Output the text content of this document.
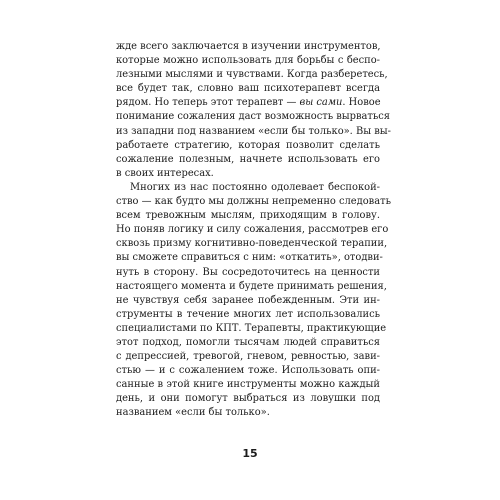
жде всего заключается в изучении инструментов,
которые можно использовать для борьбы с беспо-
лезными мыслями и чувствами. Когда разберетесь,
все будет так, словно ваш психотерапевт всегда
рядом. Но теперь этот терапевт — вы сами. Новое
понимание сожаления даст возможность вырваться
из западни под названием «если бы только». Вы вы-
работаете стратегию, которая позволит сделать
сожаление полезным, начнете использовать его
в своих интересах.
Многих из нас постоянно одолевает беспокой-
ство — как будто мы должны непременно следовать
всем тревожным мыслям, приходящим в голову.
Но поняв логику и силу сожаления, рассмотрев его
сквозь призму когнитивно-поведенческой терапии,
вы сможете справиться с ним: «откатить», отодви-
нуть в сторону. Вы сосредоточитесь на ценности
настоящего момента и будете принимать решения,
не чувствуя себя заранее побежденным. Эти ин-
струменты в течение многих лет использовались
специалистами по КПТ. Терапевты, практикующие
этот подход, помогли тысячам людей справиться
с депрессией, тревогой, гневом, ревностью, зави-
стью — и с сожалением тоже. Использовать опи-
санные в этой книге инструменты можно каждый
день, и они помогут выбраться из ловушки под
названием «если бы только».
15
